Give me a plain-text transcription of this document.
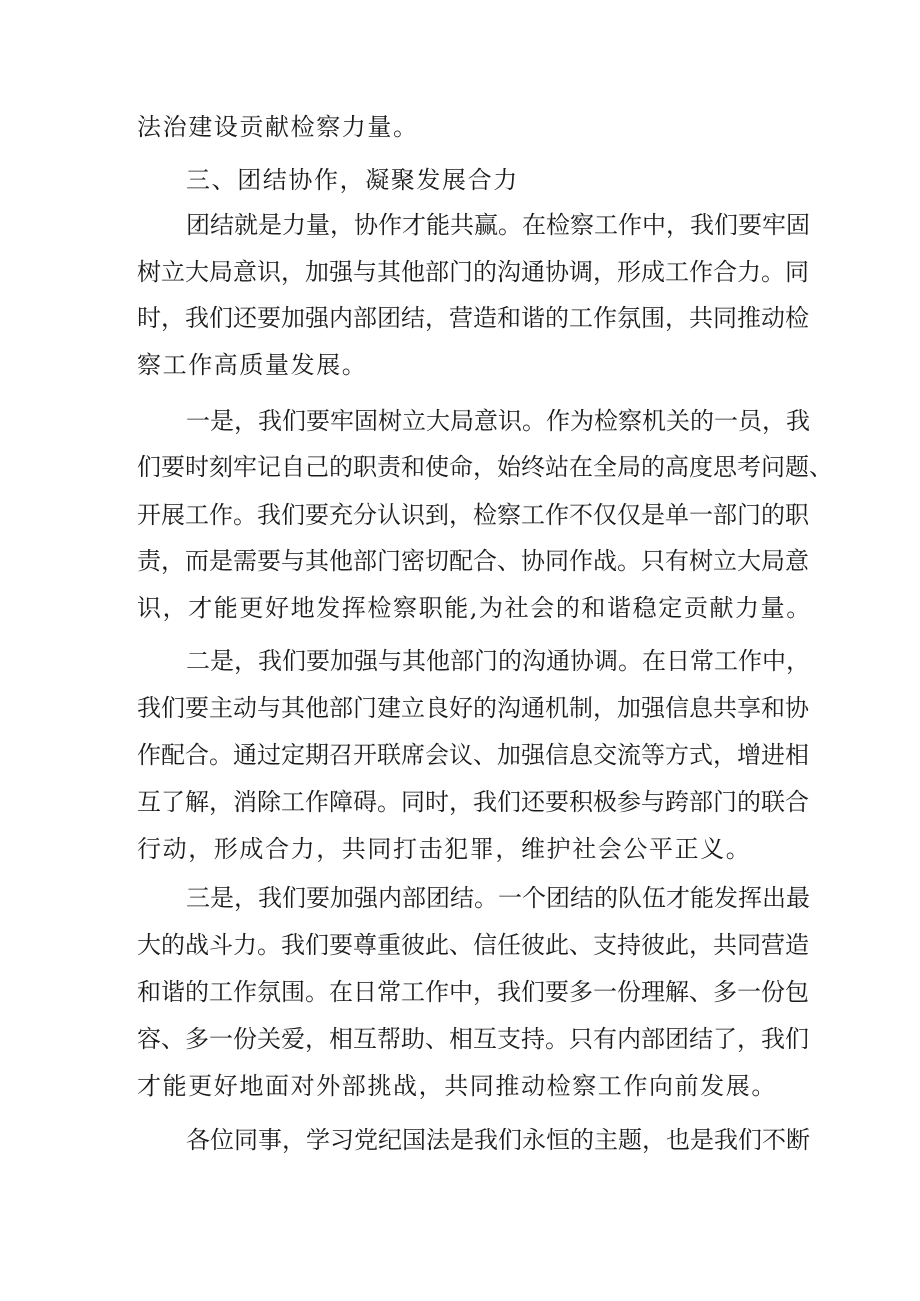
法治建设贡献检察力量。
三、团结协作，凝聚发展合力
团结就是力量，协作才能共赢。在检察工作中，我们要牢固
树立大局意识，加强与其他部门的沟通协调，形成工作合力。同
时，我们还要加强内部团结，营造和谐的工作氛围，共同推动检
察工作高质量发展。
一是，我们要牢固树立大局意识。作为检察机关的一员，我
们要时刻牢记自己的职责和使命，始终站在全局的高度思考问题、
开展工作。我们要充分认识到，检察工作不仅仅是单一部门的职
责，而是需要与其他部门密切配合、协同作战。只有树立大局意
识，才能更好地发挥检察职能,为社会的和谐稳定贡献力量。
二是，我们要加强与其他部门的沟通协调。在日常工作中，
我们要主动与其他部门建立良好的沟通机制，加强信息共享和协
作配合。通过定期召开联席会议、加强信息交流等方式，增进相
互了解，消除工作障碍。同时，我们还要积极参与跨部门的联合
行动，形成合力，共同打击犯罪，维护社会公平正义。
三是，我们要加强内部团结。一个团结的队伍才能发挥出最
大的战斗力。我们要尊重彼此、信任彼此、支持彼此，共同营造
和谐的工作氛围。在日常工作中，我们要多一份理解、多一份包
容、多一份关爱，相互帮助、相互支持。只有内部团结了，我们
才能更好地面对外部挑战，共同推动检察工作向前发展。
各位同事，学习党纪国法是我们永恒的主题，也是我们不断
